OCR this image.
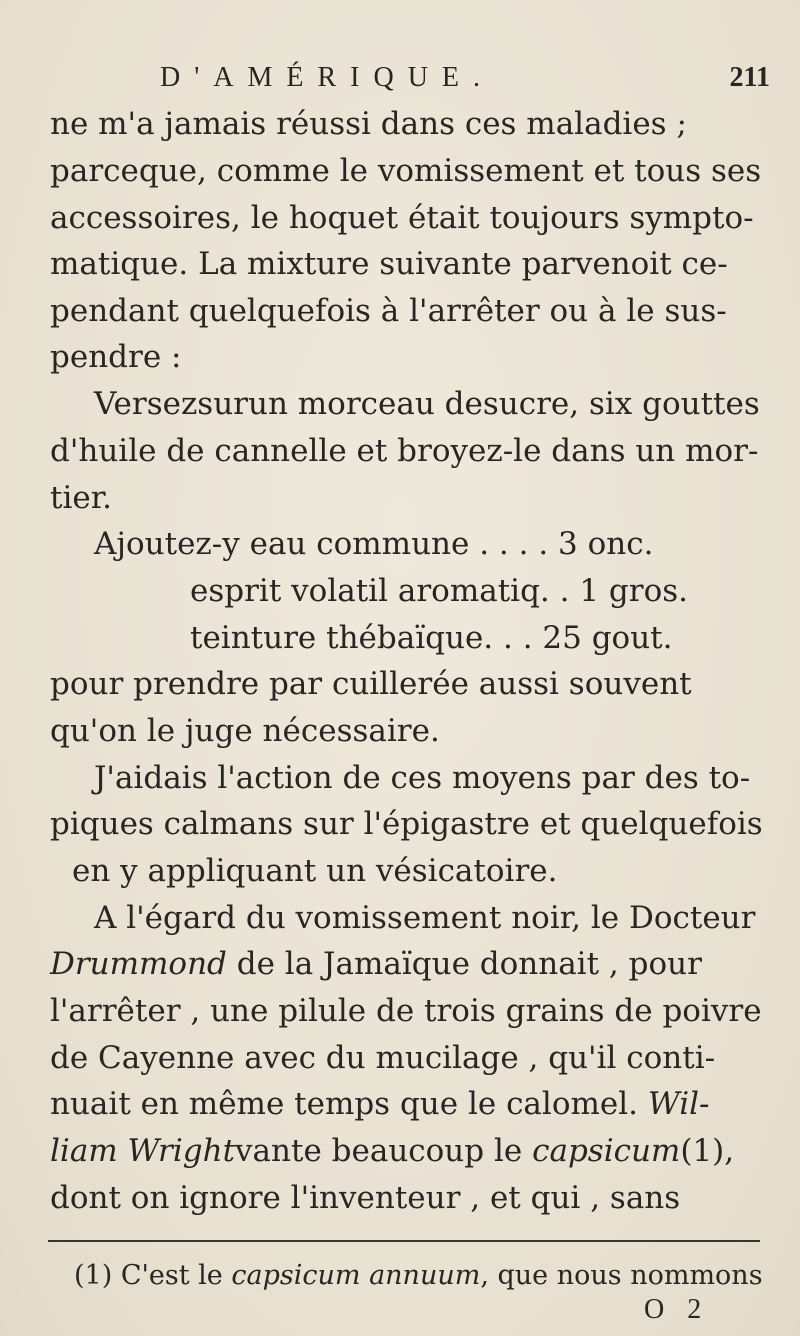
D'AMÉRIQUE.	211
ne m'a jamais réussi dans ces maladies ;
parceque, comme le vomissement et tous ses
accessoires, le hoquet était toujours sympto-
matique. La mixture suivante parvenoit ce-
pendant quelquefois à l'arrêter ou à le sus-
pendre :
Versezsurun morceau desucre, six gouttes
d'huile de cannelle et broyez-le dans un mor-
tier.
Ajoutez-y eau commune . . . . 3 onc.
esprit volatil aromatiq. . 1 gros.
teinture thébaïque. . . 25 gout.
pour prendre par cuillerée aussi souvent
qu'on le juge nécessaire.
J'aidais l'action de ces moyens par des to-
piques calmans sur l'épigastre et quelquefois
en y appliquant un vésicatoire.
A l'égard du vomissement noir, le Docteur
Drummond de la Jamaïque donnait , pour
l'arrêter , une pilule de trois grains de poivre
de Cayenne avec du mucilage , qu'il conti-
nuait en même temps que le calomel. Wil-
liam Wrightvante beaucoup le capsicum(1),
dont on ignore l'inventeur , et qui , sans
(1) C'est le capsicum annuum, que nous nommons
O 2
